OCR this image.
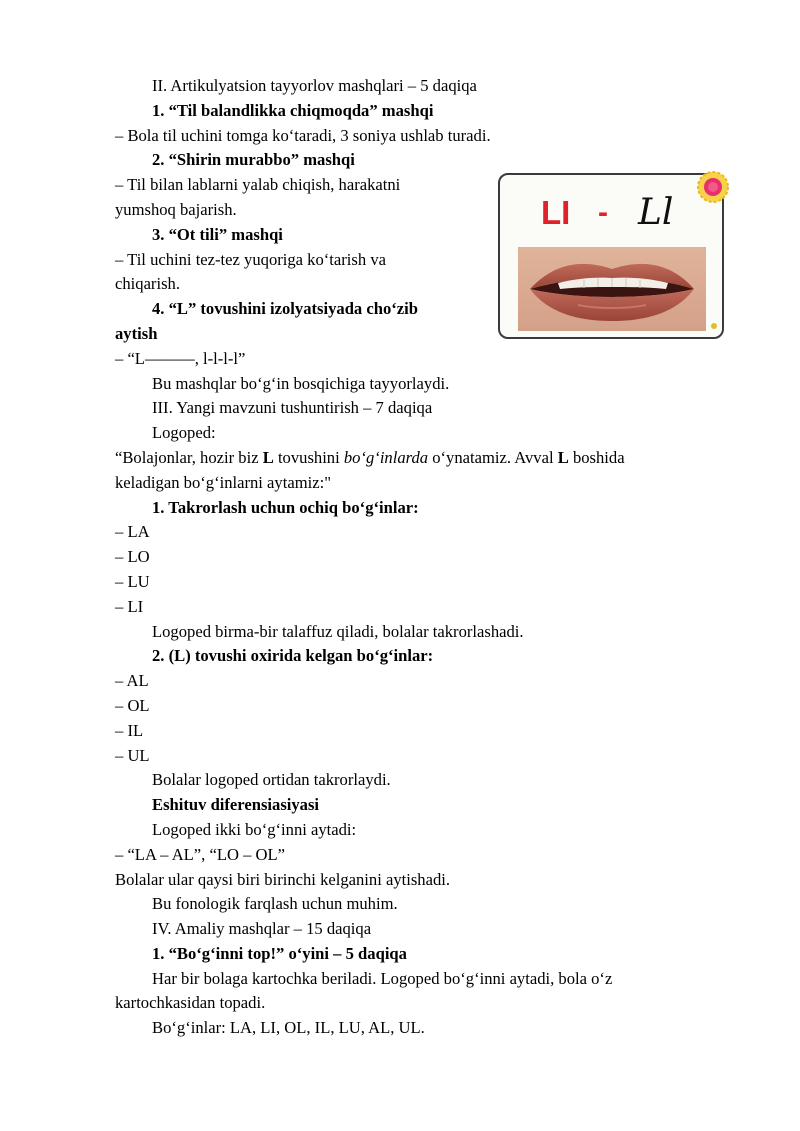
II. Artikulyatsion tayyorlov mashqlari – 5 daqiqa
1. “Til balandlikka chiqmoqda” mashqi
– Bola til uchini tomga ko‘taradi, 3 soniya ushlab turadi.
2. “Shirin murabbo” mashqi
– Til bilan lablarni yalab chiqish, harakatni
yumshoq bajarish.
3. “Ot tili” mashqi
– Til uchini tez-tez yuqoriga ko‘tarish va
chiqarish.
4. “L” tovushini izolyatsiyada cho‘zib
aytish
– “L———, l-l-l-l”
Bu mashqlar bo‘g‘in bosqichiga tayyorlaydi.
III. Yangi mavzuni tushuntirish – 7 daqiqa
Logoped:
“Bolajonlar, hozir biz L tovushini bo‘g‘inlarda o‘ynatamiz. Avval L boshida
keladigan bo‘g‘inlarni aytamiz:"
1. Takrorlash uchun ochiq bo‘g‘inlar:
– LA
– LO
– LU
– LI
Logoped birma-bir talaffuz qiladi, bolalar takrorlashadi.
2. (L) tovushi oxirida kelgan bo‘g‘inlar:
– AL
– OL
– IL
– UL
Bolalar logoped ortidan takrorlaydi.
Eshituv diferensiasiyasi
Logoped ikki bo‘g‘inni aytadi:
– “LA – AL”, “LO – OL”
Bolalar ular qaysi biri birinchi kelganini aytishadi.
Bu fonologik farqlash uchun muhim.
IV. Amaliy mashqlar – 15 daqiqa
1. “Bo‘g‘inni top!” o‘yini – 5 daqiqa
Har bir bolaga kartochka beriladi. Logoped bo‘g‘inni aytadi, bola o‘z
kartochkasidan topadi.
Bo‘g‘inlar: LA, LI, OL, IL, LU, AL, UL.
LI - Ll
